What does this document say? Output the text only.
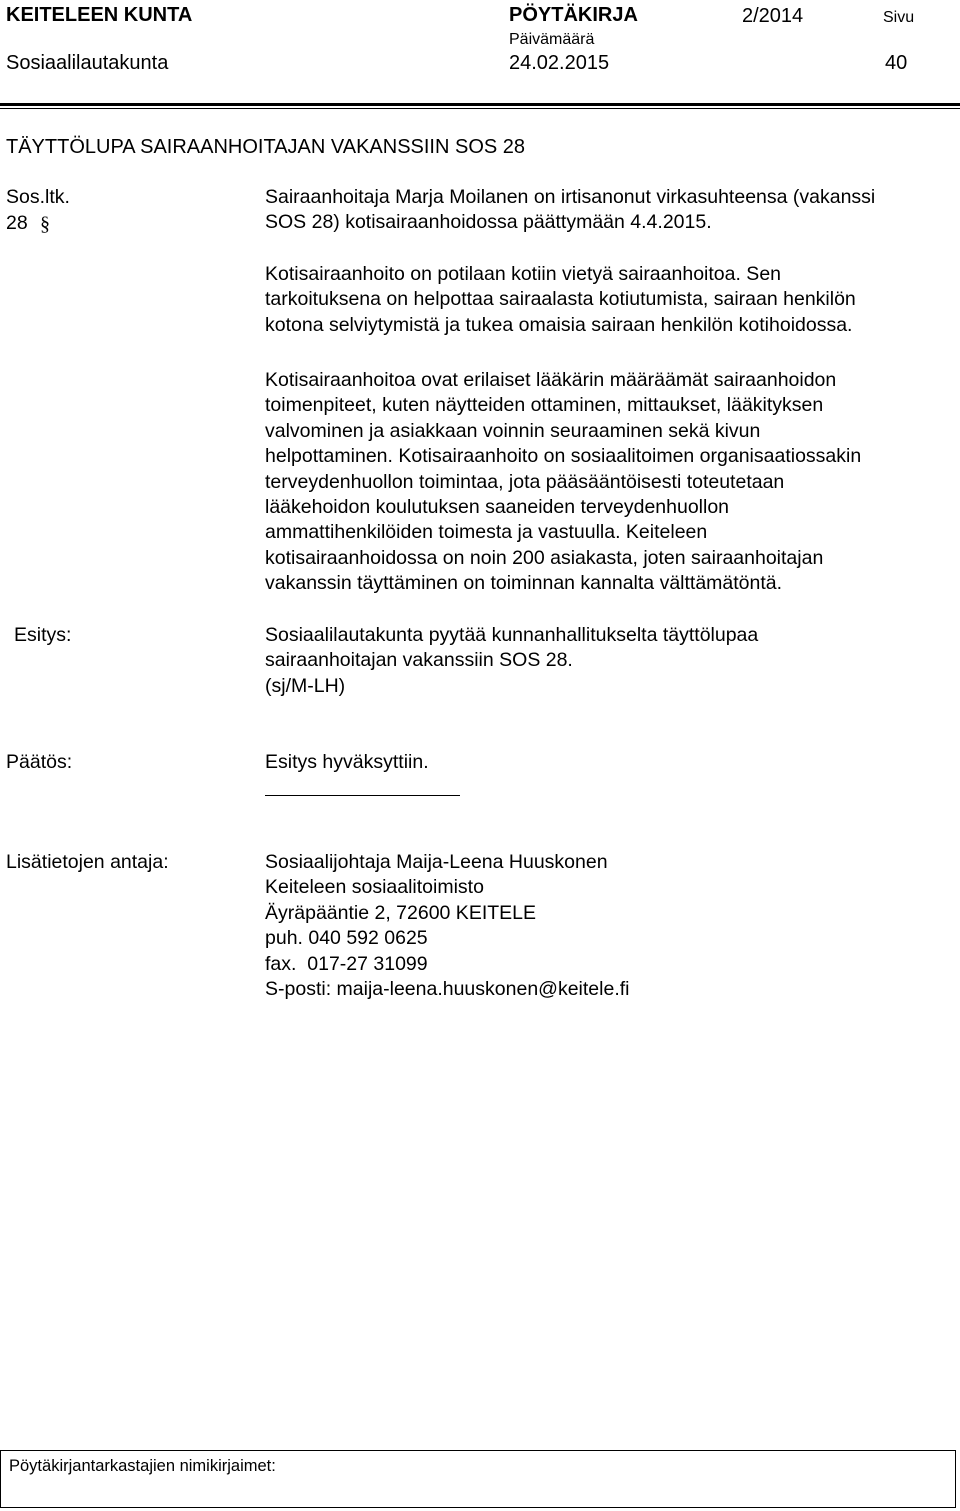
KEITELEEN KUNTA	PÖYTÄKIRJA	2/2014	Sivu
Päivämäärä
Sosiaalilautakunta	24.02.2015	40
TÄYTTÖLUPA SAIRAANHOITAJAN VAKANSSIIN SOS 28
Sos.ltk.
28 §
Sairaanhoitaja Marja Moilanen on irtisanonut virkasuhteensa (vakanssi
SOS 28) kotisairaanhoidossa päättymään 4.4.2015.
Kotisairaanhoito on potilaan kotiin vietyä sairaanhoitoa. Sen
tarkoituksena on helpottaa sairaalasta kotiutumista, sairaan henkilön
kotona selviytymistä ja tukea omaisia sairaan henkilön kotihoidossa.
Kotisairaanhoitoa ovat erilaiset lääkärin määräämät sairaanhoidon
toimenpiteet, kuten näytteiden ottaminen, mittaukset, lääkityksen
valvominen ja asiakkaan voinnin seuraaminen sekä kivun
helpottaminen. Kotisairaanhoito on sosiaalitoimen organisaatiossakin
terveydenhuollon toimintaa, jota pääsääntöisesti toteutetaan
lääkehoidon koulutuksen saaneiden terveydenhuollon
ammattihenkilöiden toimesta ja vastuulla. Keiteleen
kotisairaanhoidossa on noin 200 asiakasta, joten sairaanhoitajan
vakanssin täyttäminen on toiminnan kannalta välttämätöntä.
Esitys:	Sosiaalilautakunta pyytää kunnanhallitukselta täyttölupaa
sairaanhoitajan vakanssiin SOS 28.
(sj/M-LH)
Päätös:	Esitys hyväksyttiin.
Lisätietojen antaja:	Sosiaalijohtaja Maija-Leena Huuskonen
Keiteleen sosiaalitoimisto
Äyräpääntie 2, 72600 KEITELE
puh. 040 592 0625
fax.  017-27 31099
S-posti: maija-leena.huuskonen@keitele.fi
Pöytäkirjantarkastajien nimikirjaimet:
